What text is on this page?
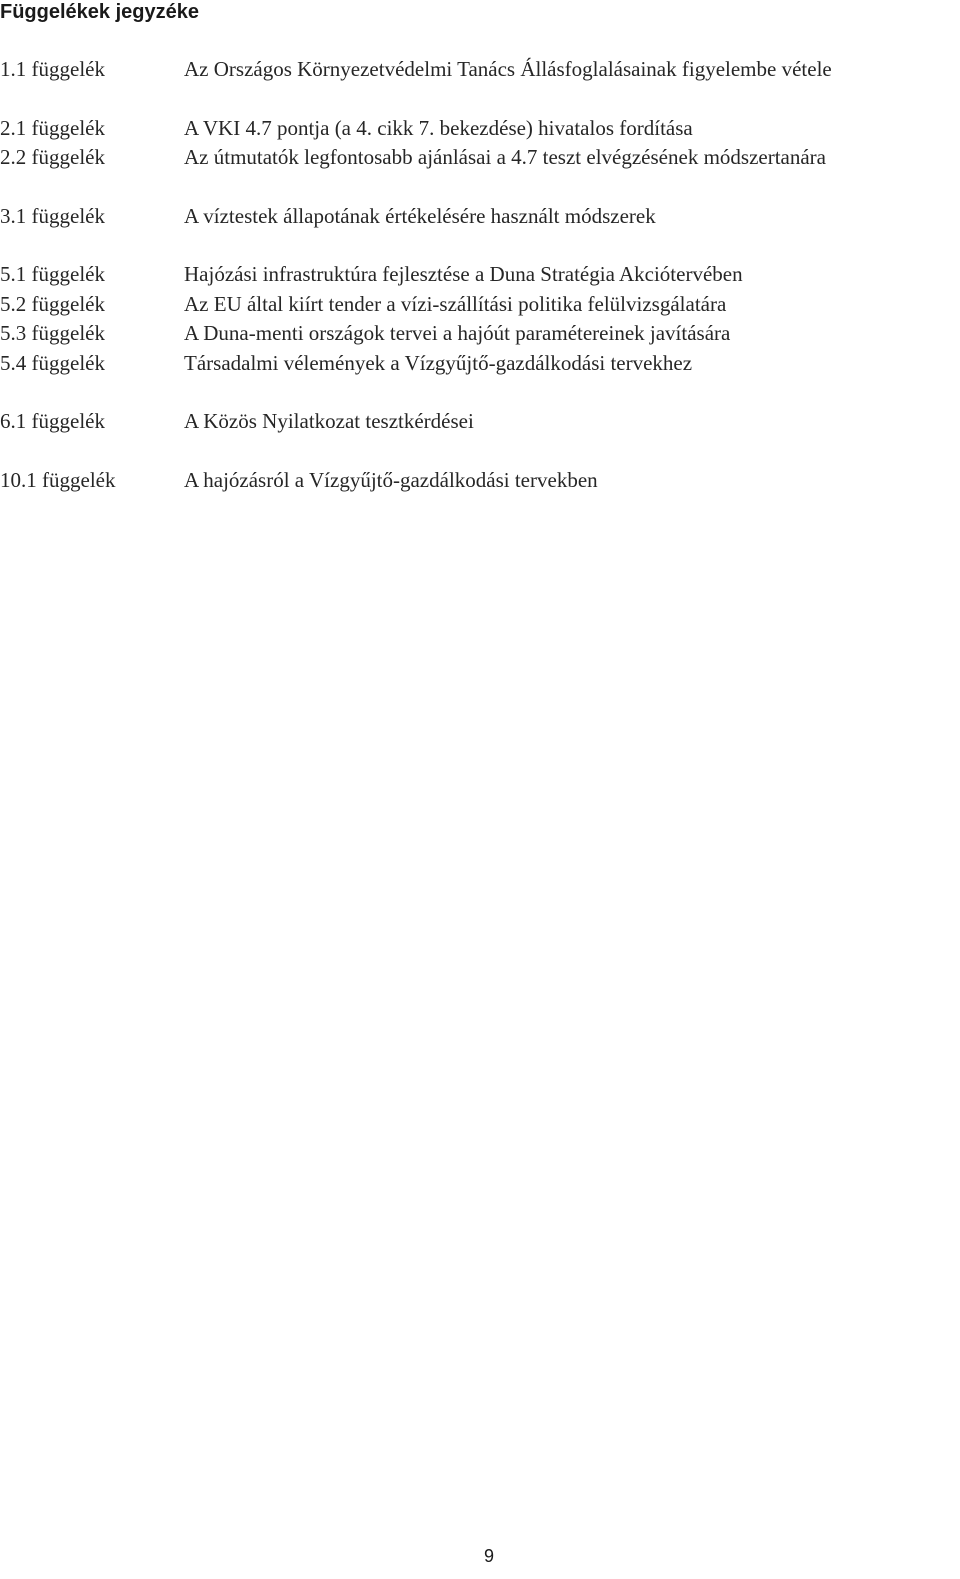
Függelékek jegyzéke
1.1 függelék	Az Országos Környezetvédelmi Tanács Állásfoglalásainak figyelembe vétele
2.1 függelék	A VKI 4.7 pontja (a 4. cikk 7. bekezdése) hivatalos fordítása
2.2 függelék	Az útmutatók legfontosabb ajánlásai a 4.7 teszt elvégzésének módszertanára
3.1 függelék	A víztestek állapotának értékelésére használt módszerek
5.1 függelék	Hajózási infrastruktúra fejlesztése a Duna Stratégia Akciótervében
5.2 függelék	Az EU által kiírt tender a vízi-szállítási politika felülvizsgálatára
5.3 függelék	A Duna-menti országok tervei a hajóút paramétereinek javítására
5.4 függelék	Társadalmi vélemények a Vízgyűjtő-gazdálkodási tervekhez
6.1 függelék	A Közös Nyilatkozat tesztkérdései
10.1 függelék	A hajózásról a Vízgyűjtő-gazdálkodási tervekben
9
